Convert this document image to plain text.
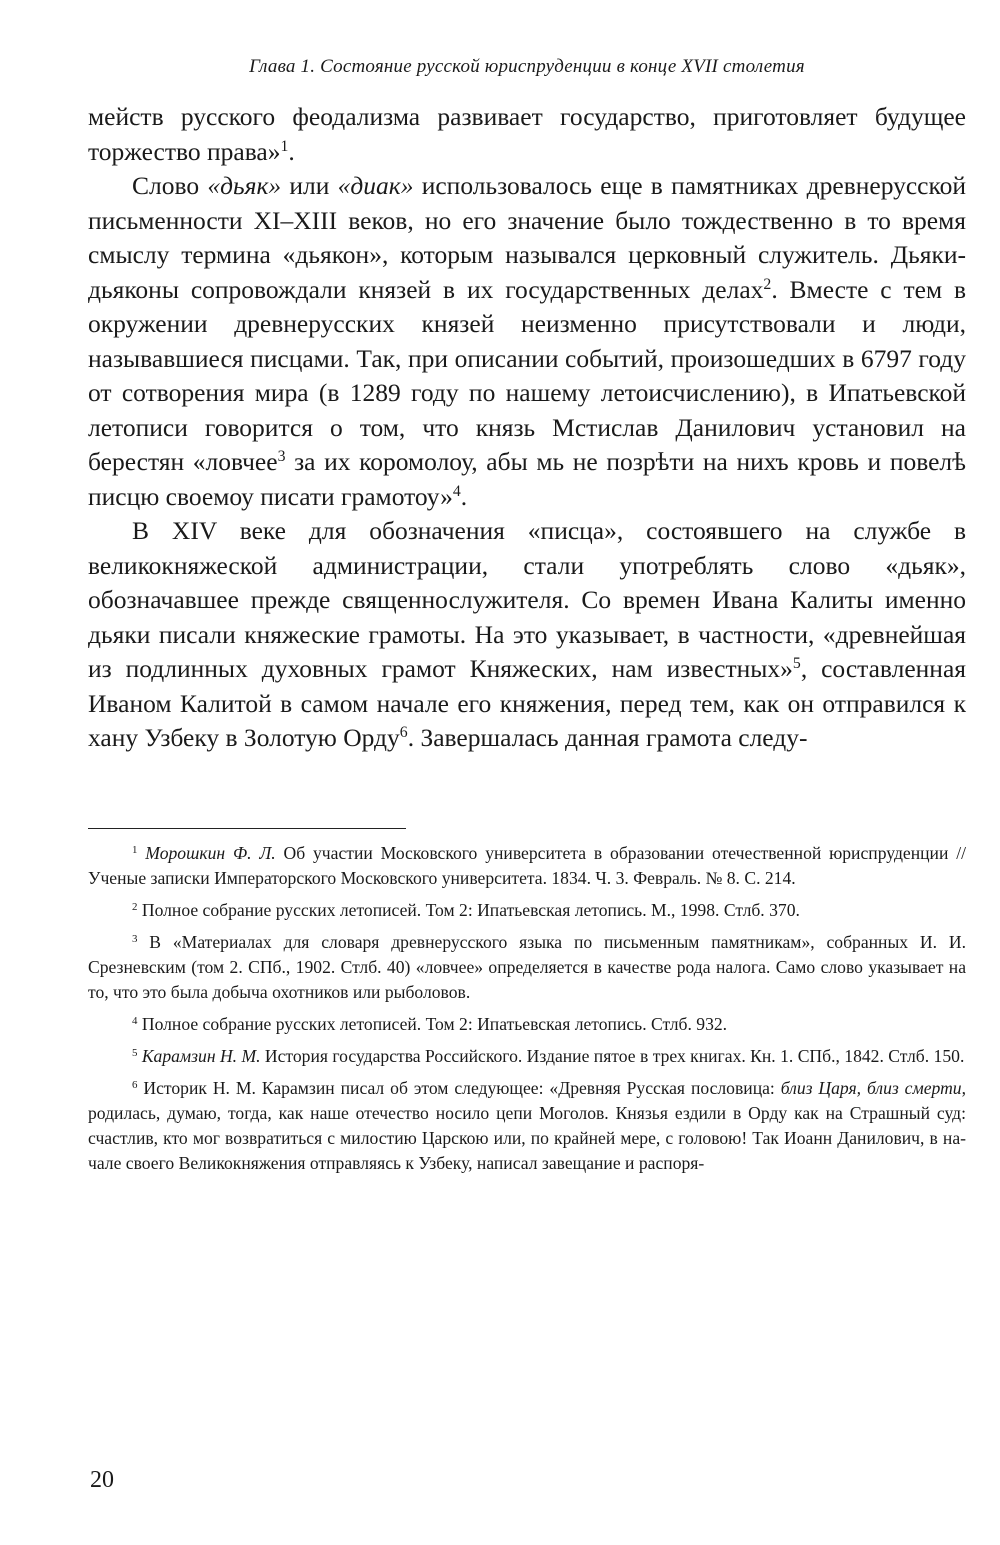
Глава 1. Состояние русской юриспруденции в конце XVII столетия

мейств русского феодализма развивает государство, приготовляет будущее торжество права»$^1$.

Слово «дьяк» или «диак» использовалось еще в памятниках древнерусской письменности XI–XIII веков, но его значение было тождественно в то время смыслу термина «дьякон», которым назывался церковный служитель. Дьяки-дьяконы сопровождали князей в их государственных делах$^2$. Вместе с тем в окружении древнерусских князей неизменно присутствовали и люди, называвшиеся писцами. Так, при описании событий, произошедших в 6797 году от сотворения мира (в 1289 году по нашему летоисчислению), в Ипатьевской летописи говорится о том, что князь Мстислав Данилович установил на берестян «ловчее$^3$ за их коромолоу, абы мь не позрѣти на нихъ кровь и повелѣ писцю своемоу писати грамотоу»$^4$.

В XIV веке для обозначения «писца», состоявшего на службе в великокняжеской администрации, стали употреблять слово «дьяк», обозначавшее прежде священнослужителя. Со времен Ивана Калиты именно дьяки писали княжеские грамоты. На это указывает, в частности, «древнейшая из подлинных духовных грамот Княжеских, нам известных»$^5$, составленная Иваном Калитой в самом начале его княжения, перед тем, как он отправился к хану Узбеку в Золотую Орду$^6$. Завершалась данная грамота следу-

$^1$ Морошкин Ф. Л. Об участии Московского университета в образовании отечественной юриспруденции // Ученые записки Императорского Московского университета. 1834. Ч. 3. Февраль. № 8. С. 214.

$^2$ Полное собрание русских летописей. Том 2: Ипатьевская летопись. М., 1998. Стлб. 370.

$^3$ В «Материалах для словаря древнерусского языка по письменным памятникам», собранных И. И. Срезневским (том 2. СПб., 1902. Стлб. 40) «ловчее» определяется в качестве рода налога. Само слово указывает на то, что это была добыча охотников или рыболовов.

$^4$ Полное собрание русских летописей. Том 2: Ипатьевская летопись. Стлб. 932.

$^5$ Карамзин Н. М. История государства Российского. Издание пятое в трех книгах. Кн. 1. СПб., 1842. Стлб. 150.

$^6$ Историк Н. М. Карамзин писал об этом следующее: «Древняя Русская пословица: близ Царя, близ смерти, родилась, думаю, тогда, как наше отечество носило цепи Моголов. Князья ездили в Орду как на Страшный суд: счастлив, кто мог возвратиться с милостию Царскою или, по крайней мере, с головою! Так Иоанн Данилович, в начале своего Великокняжения отправляясь к Узбеку, написал завещание и распоря-

20
